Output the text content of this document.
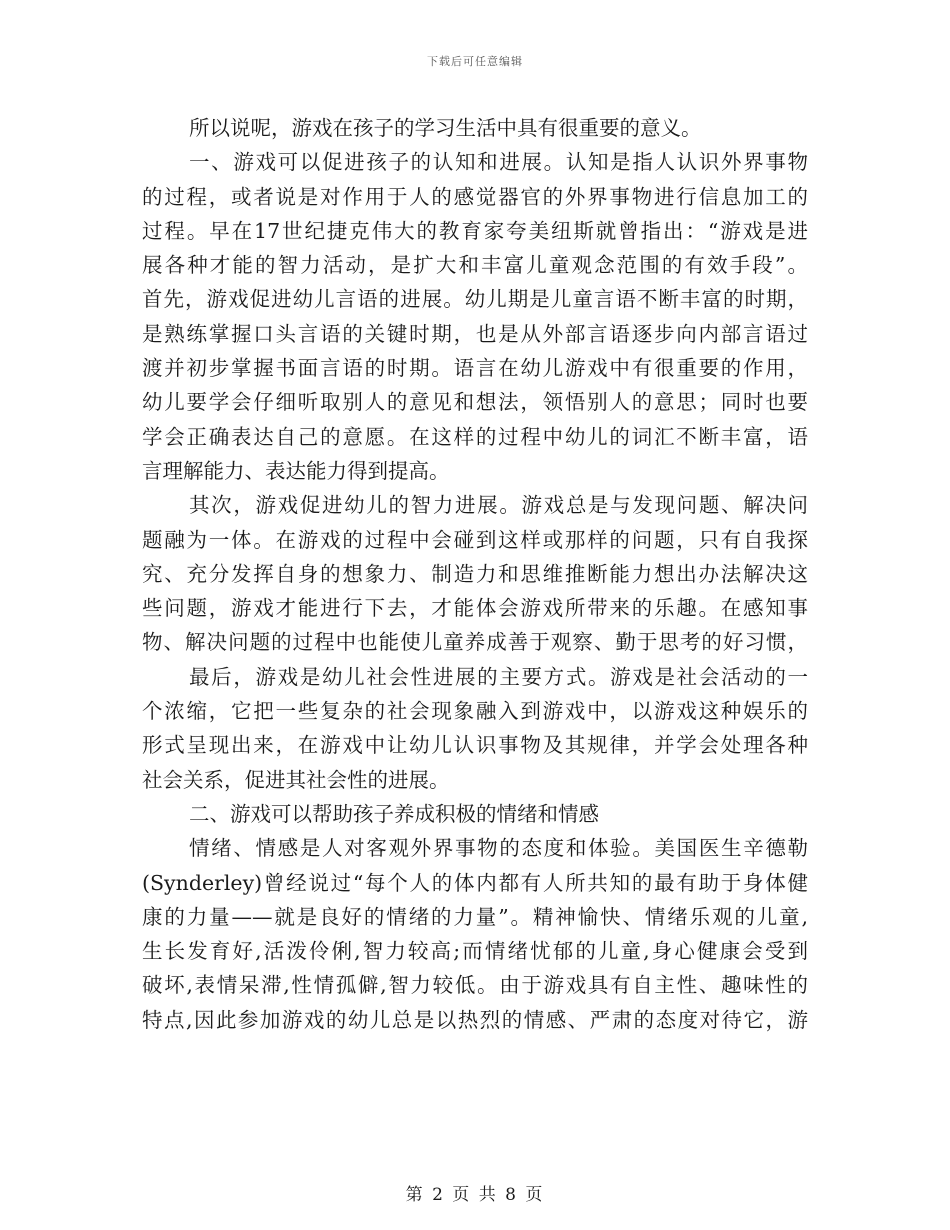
下载后可任意编辑
所以说呢，游戏在孩子的学习生活中具有很重要的意义。
一、游戏可以促进孩子的认知和进展。认知是指人认识外界事物
的过程，或者说是对作用于人的感觉器官的外界事物进行信息加工的
过程。早在17世纪捷克伟大的教育家夸美纽斯就曾指出：“游戏是进
展各种才能的智力活动，是扩大和丰富儿童观念范围的有效手段”。
首先，游戏促进幼儿言语的进展。幼儿期是儿童言语不断丰富的时期，
是熟练掌握口头言语的关键时期，也是从外部言语逐步向内部言语过
渡并初步掌握书面言语的时期。语言在幼儿游戏中有很重要的作用，
幼儿要学会仔细听取别人的意见和想法，领悟别人的意思；同时也要
学会正确表达自己的意愿。在这样的过程中幼儿的词汇不断丰富，语
言理解能力、表达能力得到提高。
其次，游戏促进幼儿的智力进展。游戏总是与发现问题、解决问
题融为一体。在游戏的过程中会碰到这样或那样的问题，只有自我探
究、充分发挥自身的想象力、制造力和思维推断能力想出办法解决这
些问题，游戏才能进行下去，才能体会游戏所带来的乐趣。在感知事
物、解决问题的过程中也能使儿童养成善于观察、勤于思考的好习惯，
最后，游戏是幼儿社会性进展的主要方式。游戏是社会活动的一
个浓缩，它把一些复杂的社会现象融入到游戏中，以游戏这种娱乐的
形式呈现出来，在游戏中让幼儿认识事物及其规律，并学会处理各种
社会关系，促进其社会性的进展。
二、游戏可以帮助孩子养成积极的情绪和情感
情绪、情感是人对客观外界事物的态度和体验。美国医生辛德勒
(Synderley)曾经说过“每个人的体内都有人所共知的最有助于身体健
康的力量——就是良好的情绪的力量”。精神愉快、情绪乐观的儿童,
生长发育好,活泼伶俐,智力较高;而情绪忧郁的儿童,身心健康会受到
破坏,表情呆滞,性情孤僻,智力较低。由于游戏具有自主性、趣味性的
特点,因此参加游戏的幼儿总是以热烈的情感、严肃的态度对待它，游
第 2 页 共 8 页
